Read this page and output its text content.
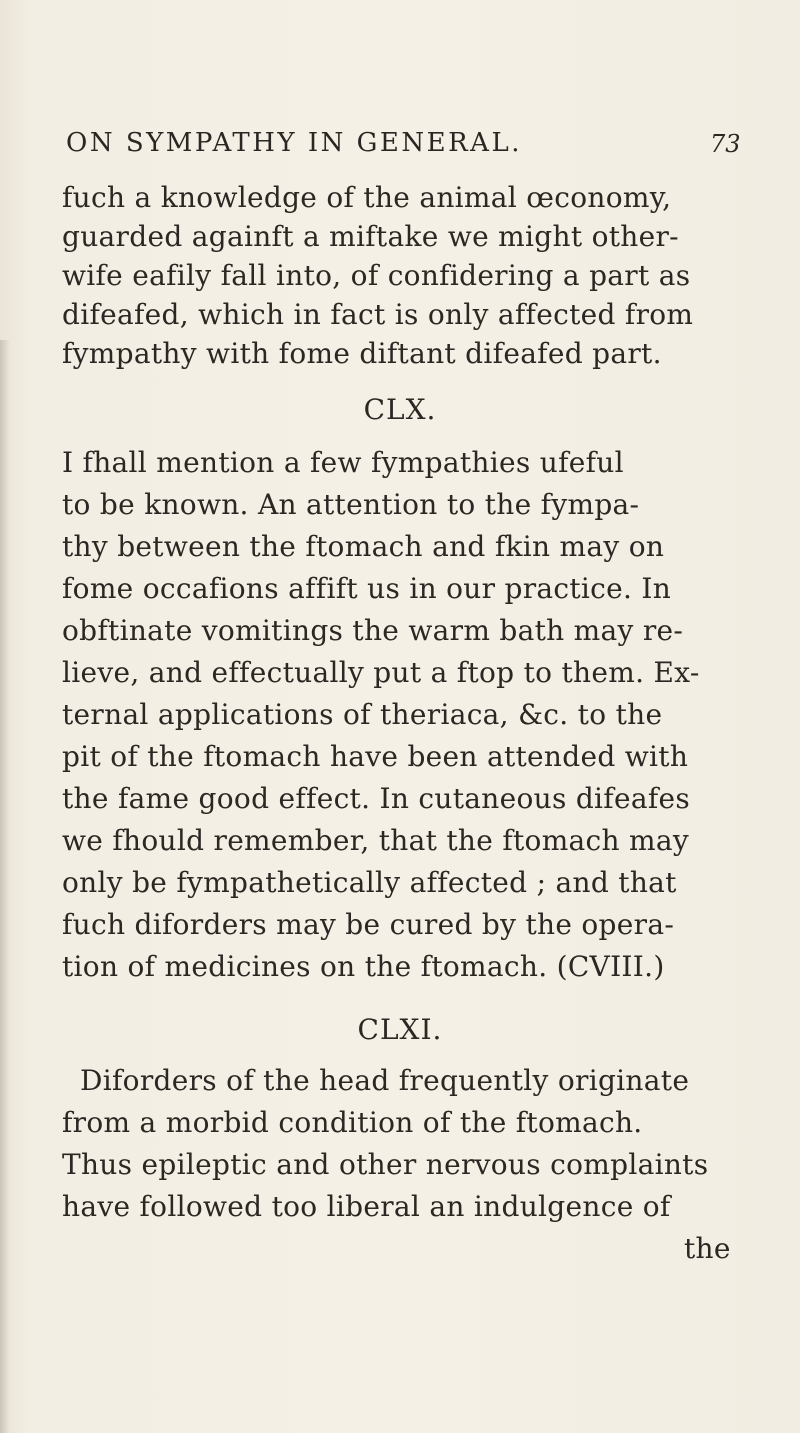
ON SYMPATHY IN GENERAL.	73
fuch a knowledge of the animal œconomy,
guarded againft a miftake we might other-
wife eafily fall into, of confidering a part as
difeafed, which in fact is only affected from
fympathy with fome diftant difeafed part.
CLX.
I fhall mention a few fympathies ufeful
to be known. An attention to the fympa-
thy between the ftomach and fkin may on
fome occafions affift us in our practice. In
obftinate vomitings the warm bath may re-
lieve, and effectually put a ftop to them. Ex-
ternal applications of theriaca, &c. to the
pit of the ftomach have been attended with
the fame good effect. In cutaneous difeafes
we fhould remember, that the ftomach may
only be fympathetically affected ; and that
fuch diforders may be cured by the opera-
tion of medicines on the ftomach. (CVIII.)
CLXI.
Diforders of the head frequently originate
from a morbid condition of the ftomach.
Thus epileptic and other nervous complaints
have followed too liberal an indulgence of
the
